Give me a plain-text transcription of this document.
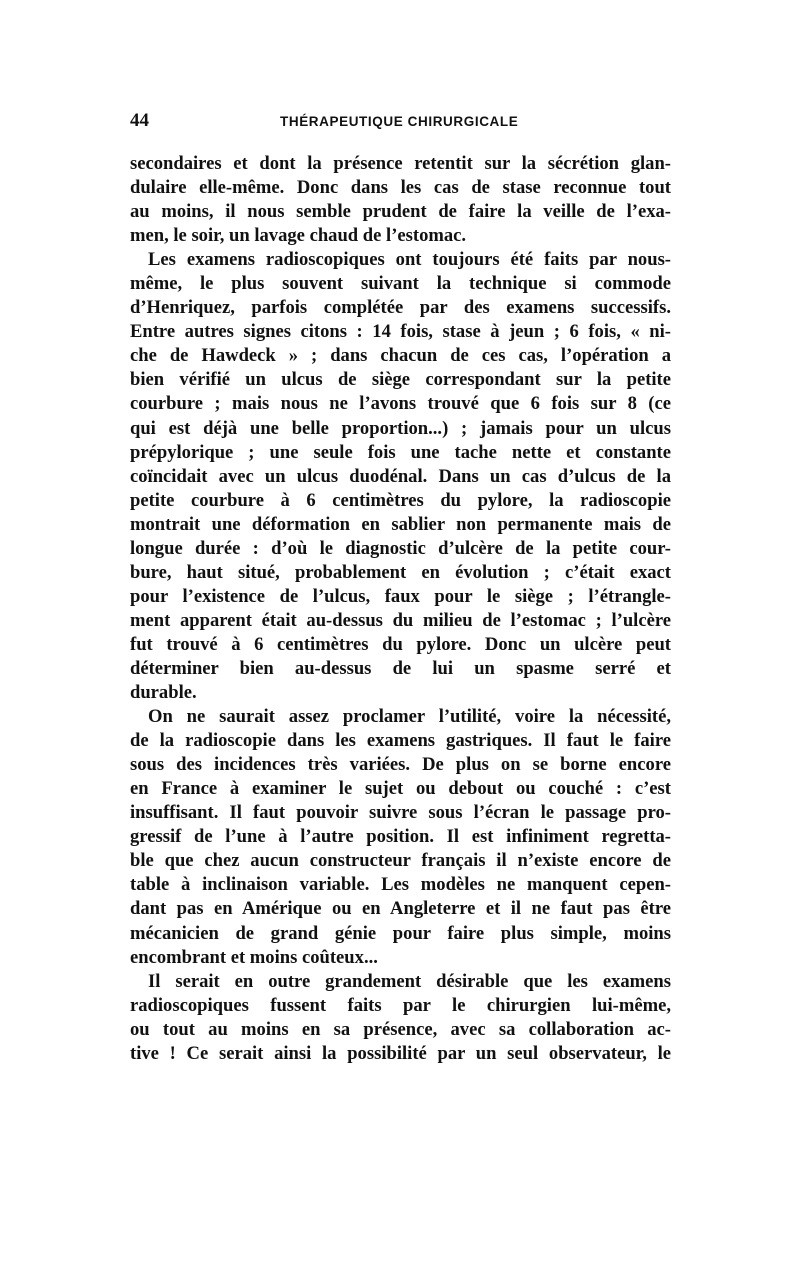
44	THÉRAPEUTIQUE CHIRURGICALE
secondaires et dont la présence retentit sur la sécrétion glan-
dulaire elle-même. Donc dans les cas de stase reconnue tout
au moins, il nous semble prudent de faire la veille de l’exa-
men, le soir, un lavage chaud de l’estomac.
Les examens radioscopiques ont toujours été faits par nous-
même, le plus souvent suivant la technique si commode
d’Henriquez, parfois complétée par des examens successifs.
Entre autres signes citons : 14 fois, stase à jeun ; 6 fois, « ni-
che de Hawdeck » ; dans chacun de ces cas, l’opération a
bien vérifié un ulcus de siège correspondant sur la petite
courbure ; mais nous ne l’avons trouvé que 6 fois sur 8 (ce
qui est déjà une belle proportion...) ; jamais pour un ulcus
prépylorique ; une seule fois une tache nette et constante
coïncidait avec un ulcus duodénal. Dans un cas d’ulcus de la
petite courbure à 6 centimètres du pylore, la radioscopie
montrait une déformation en sablier non permanente mais de
longue durée : d’où le diagnostic d’ulcère de la petite cour-
bure, haut situé, probablement en évolution ; c’était exact
pour l’existence de l’ulcus, faux pour le siège ; l’étrangle-
ment apparent était au-dessus du milieu de l’estomac ; l’ulcère
fut trouvé à 6 centimètres du pylore. Donc un ulcère peut
déterminer bien au-dessus de lui un spasme serré et
durable.
On ne saurait assez proclamer l’utilité, voire la nécessité,
de la radioscopie dans les examens gastriques. Il faut le faire
sous des incidences très variées. De plus on se borne encore
en France à examiner le sujet ou debout ou couché : c’est
insuffisant. Il faut pouvoir suivre sous l’écran le passage pro-
gressif de l’une à l’autre position. Il est infiniment regretta-
ble que chez aucun constructeur français il n’existe encore de
table à inclinaison variable. Les modèles ne manquent cepen-
dant pas en Amérique ou en Angleterre et il ne faut pas être
mécanicien de grand génie pour faire plus simple, moins
encombrant et moins coûteux...
Il serait en outre grandement désirable que les examens
radioscopiques fussent faits par le chirurgien lui-même,
ou tout au moins en sa présence, avec sa collaboration ac-
tive ! Ce serait ainsi la possibilité par un seul observateur, le
